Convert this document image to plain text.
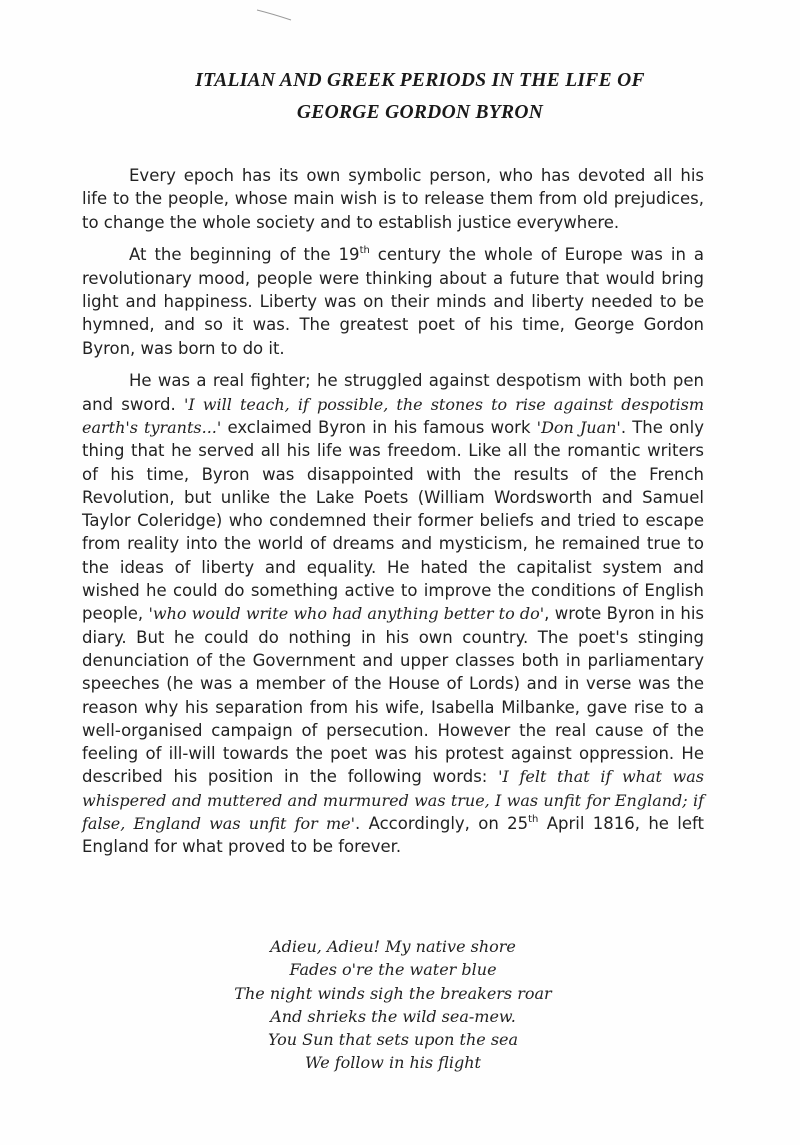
ITALIAN AND GREEK PERIODS IN THE LIFE OF
GEORGE GORDON BYRON

Every epoch has its own symbolic person, who has devoted all his life to the people, whose main wish is to release them from old prejudices, to change the whole society and to establish justice everywhere.

At the beginning of the 19th century the whole of Europe was in a revolutionary mood, people were thinking about a future that would bring light and happiness. Liberty was on their minds and liberty needed to be hymned, and so it was. The greatest poet of his time, George Gordon Byron, was born to do it.

He was a real fighter; he struggled against despotism with both pen and sword. 'I will teach, if possible, the stones to rise against despotism earth's tyrants...' exclaimed Byron in his famous work 'Don Juan'. The only thing that he served all his life was freedom. Like all the romantic writers of his time, Byron was disappointed with the results of the French Revolution, but unlike the Lake Poets (William Wordsworth and Samuel Taylor Coleridge) who condemned their former beliefs and tried to escape from reality into the world of dreams and mysticism, he remained true to the ideas of liberty and equality. He hated the capitalist system and wished he could do something active to improve the conditions of English people, 'who would write who had anything better to do', wrote Byron in his diary. But he could do nothing in his own country. The poet's stinging denunciation of the Government and upper classes both in parliamentary speeches (he was a member of the House of Lords) and in verse was the reason why his separation from his wife, Isabella Milbanke, gave rise to a well-organised campaign of persecution. However the real cause of the feeling of ill-will towards the poet was his protest against oppression. He described his position in the following words: 'I felt that if what was whispered and muttered and murmured was true, I was unfit for England; if false, England was unfit for me'. Accordingly, on 25th April 1816, he left England for what proved to be forever.

Adieu, Adieu! My native shore
Fades o're the water blue
The night winds sigh the breakers roar
And shrieks the wild sea-mew.
You Sun that sets upon the sea
We follow in his flight
